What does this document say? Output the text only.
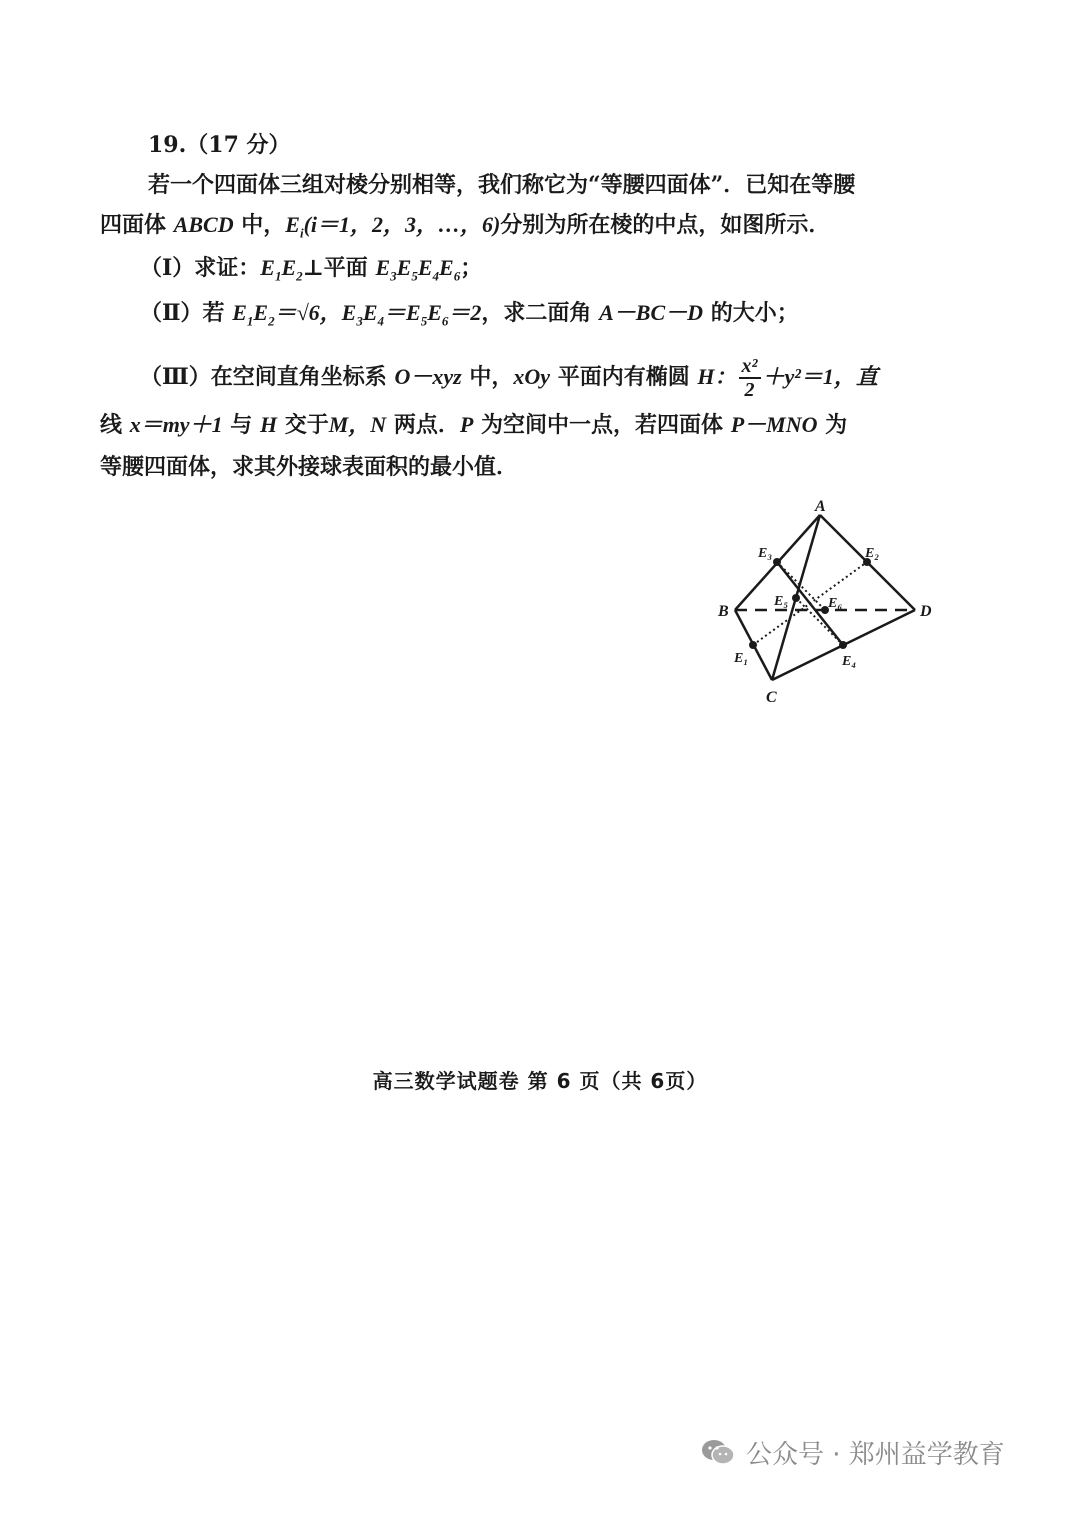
19.（17 分）
若一个四面体三组对棱分别相等，我们称它为“等腰四面体”．已知在等腰
四面体 ABCD 中，$E_i(i=1$，2，3，…，6)分别为所在棱的中点，如图所示．
（Ⅰ）求证：$E_1E_2\perp$平面 $E_3E_5E_4E_6$；
（Ⅱ）若 $E_1E_2=√6$，$E_3E_4=E_5E_6=2$，求二面角 A－BC－D 的大小；
（Ⅲ）在空间直角坐标系 O－xyz 中，xOy 平面内有椭圆 H： $\frac{\text{x²}}{2} +y^2=1$，直
线 x＝my＋1 与 H 交于M，N 两点．P 为空间中一点，若四面体 P－MNO 为
等腰四面体，求其外接球表面积的最小值．
A
B
C
D
E₁
E₂
E₃
E₄
E₅	E₆
高三数学试题卷 第 6 页（共 6页）
公众号 · 郑州益学教育
